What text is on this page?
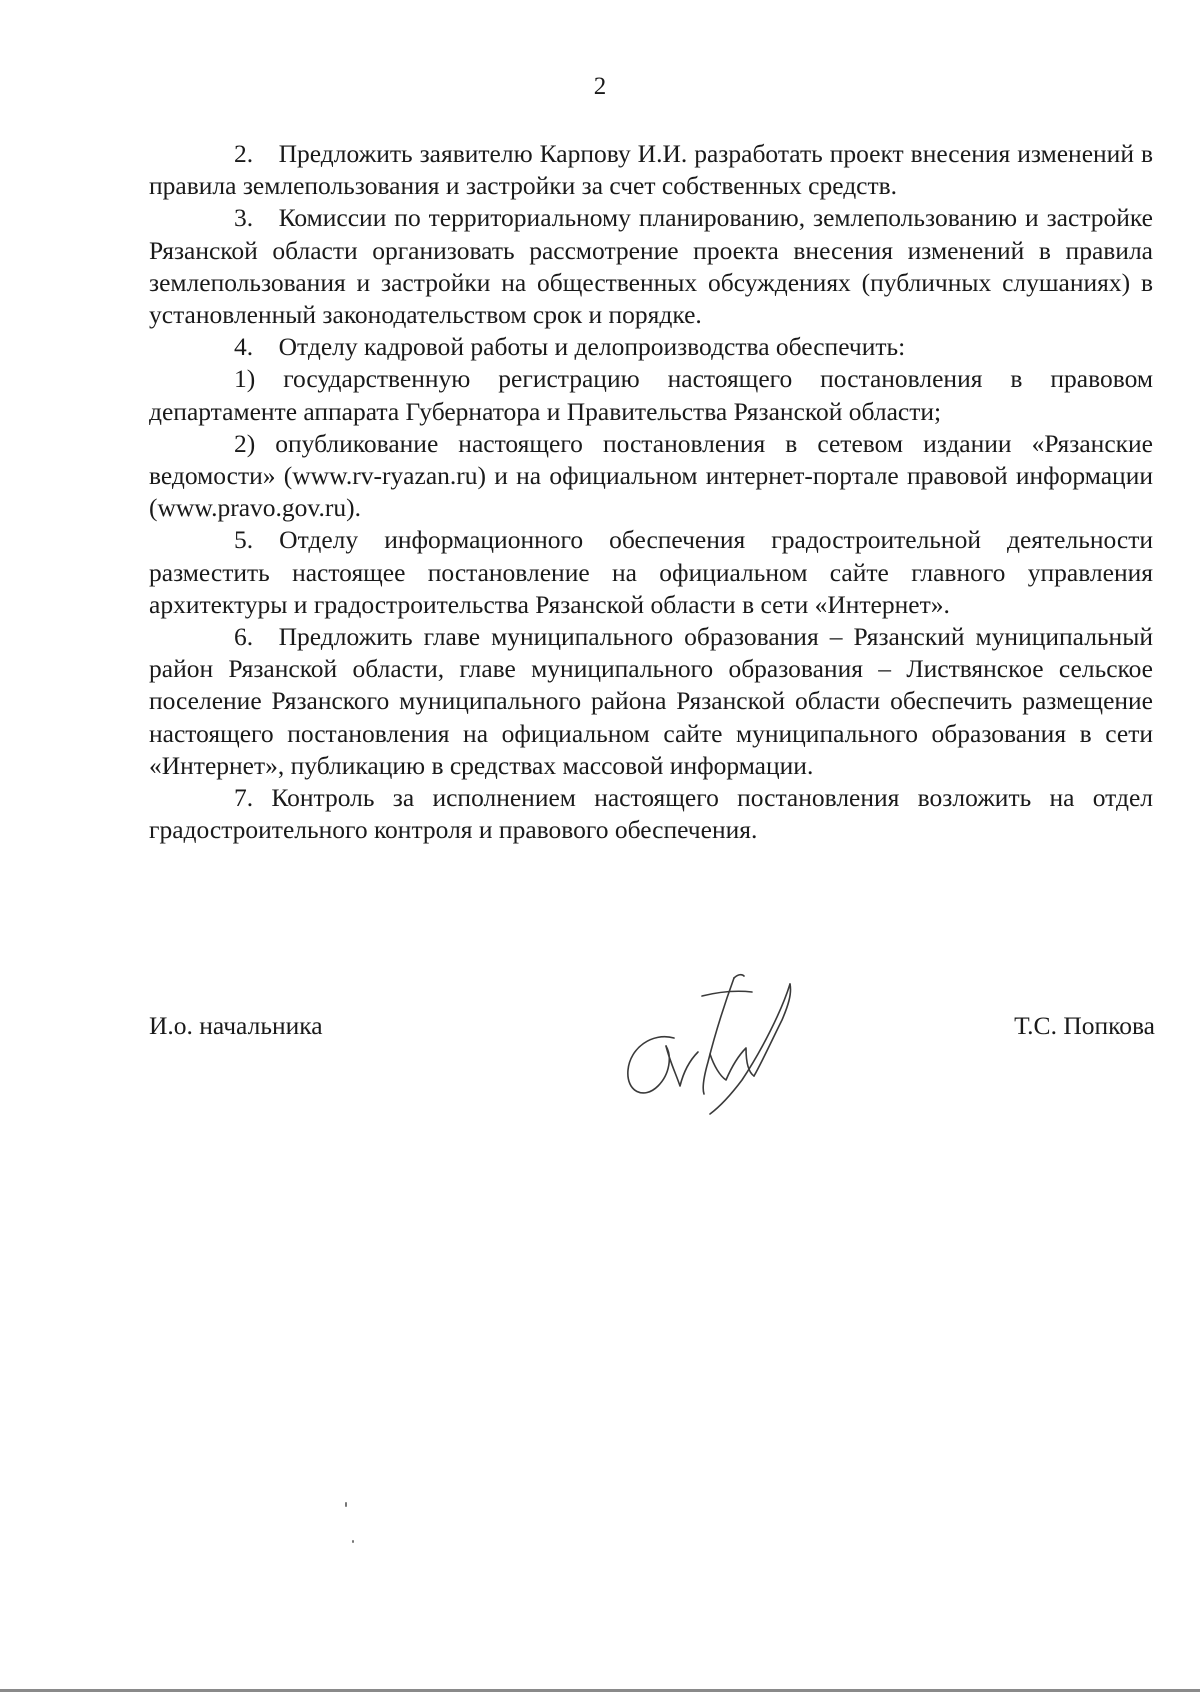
2

2. Предложить заявителю Карпову И.И. разработать проект внесения изменений в правила землепользования и застройки за счет собственных средств.

3. Комиссии по территориальному планированию, землепользованию и застройке Рязанской области организовать рассмотрение проекта внесения изменений в правила землепользования и застройки на общественных обсуждениях (публичных слушаниях) в установленный законодательством срок и порядке.

4. Отделу кадровой работы и делопроизводства обеспечить:

1) государственную регистрацию настоящего постановления в правовом департаменте аппарата Губернатора и Правительства Рязанской области;

2) опубликование настоящего постановления в сетевом издании «Рязанские ведомости» (www.rv-ryazan.ru) и на официальном интернет-портале правовой информации (www.pravo.gov.ru).

5. Отделу информационного обеспечения градостроительной деятельности разместить настоящее постановление на официальном сайте главного управления архитектуры и градостроительства Рязанской области в сети «Интернет».

6. Предложить главе муниципального образования – Рязанский муниципальный район Рязанской области, главе муниципального образования – Листвянское сельское поселение Рязанского муниципального района Рязанской области обеспечить размещение настоящего постановления на официальном сайте муниципального образования в сети «Интернет», публикацию в средствах массовой информации.

7. Контроль за исполнением настоящего постановления возложить на отдел градостроительного контроля и правового обеспечения.

И.о. начальника	Т.С. Попкова
